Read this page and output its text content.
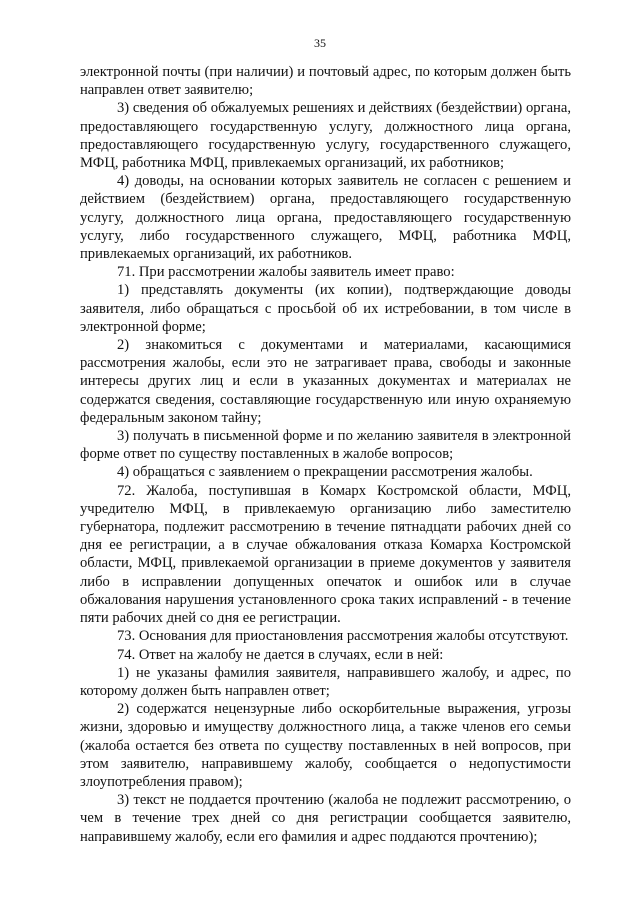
35

электронной почты (при наличии) и почтовый адрес, по которым должен быть направлен ответ заявителю;

3) сведения об обжалуемых решениях и действиях (бездействии) органа, предоставляющего государственную услугу, должностного лица органа, предоставляющего государственную услугу, государственного служащего, МФЦ, работника МФЦ, привлекаемых организаций, их работников;

4) доводы, на основании которых заявитель не согласен с решением и действием (бездействием) органа, предоставляющего государственную услугу, должностного лица органа, предоставляющего государственную услугу, либо государственного служащего, МФЦ, работника МФЦ, привлекаемых организаций, их работников.

71. При рассмотрении жалобы заявитель имеет право:

1) представлять документы (их копии), подтверждающие доводы заявителя, либо обращаться с просьбой об их истребовании, в том числе в электронной форме;

2) знакомиться с документами и материалами, касающимися рассмотрения жалобы, если это не затрагивает права, свободы и законные интересы других лиц и если в указанных документах и материалах не содержатся сведения, составляющие государственную или иную охраняемую федеральным законом тайну;

3) получать в письменной форме и по желанию заявителя в электронной форме ответ по существу поставленных в жалобе вопросов;

4) обращаться с заявлением о прекращении рассмотрения жалобы.

72. Жалоба, поступившая в Комарх Костромской области, МФЦ, учредителю МФЦ, в привлекаемую организацию либо заместителю губернатора, подлежит рассмотрению в течение пятнадцати рабочих дней со дня ее регистрации, а в случае обжалования отказа Комарха Костромской области, МФЦ, привлекаемой организации в приеме документов у заявителя либо в исправлении допущенных опечаток и ошибок или в случае обжалования нарушения установленного срока таких исправлений - в течение пяти рабочих дней со дня ее регистрации.

73. Основания для приостановления рассмотрения жалобы отсутствуют.

74. Ответ на жалобу не дается в случаях, если в ней:

1) не указаны фамилия заявителя, направившего жалобу, и адрес, по которому должен быть направлен ответ;

2) содержатся нецензурные либо оскорбительные выражения, угрозы жизни, здоровью и имуществу должностного лица, а также членов его семьи (жалоба остается без ответа по существу поставленных в ней вопросов, при этом заявителю, направившему жалобу, сообщается о недопустимости злоупотребления правом);

3) текст не поддается прочтению (жалоба не подлежит рассмотрению, о чем в течение трех дней со дня регистрации сообщается заявителю, направившему жалобу, если его фамилия и адрес поддаются прочтению);
